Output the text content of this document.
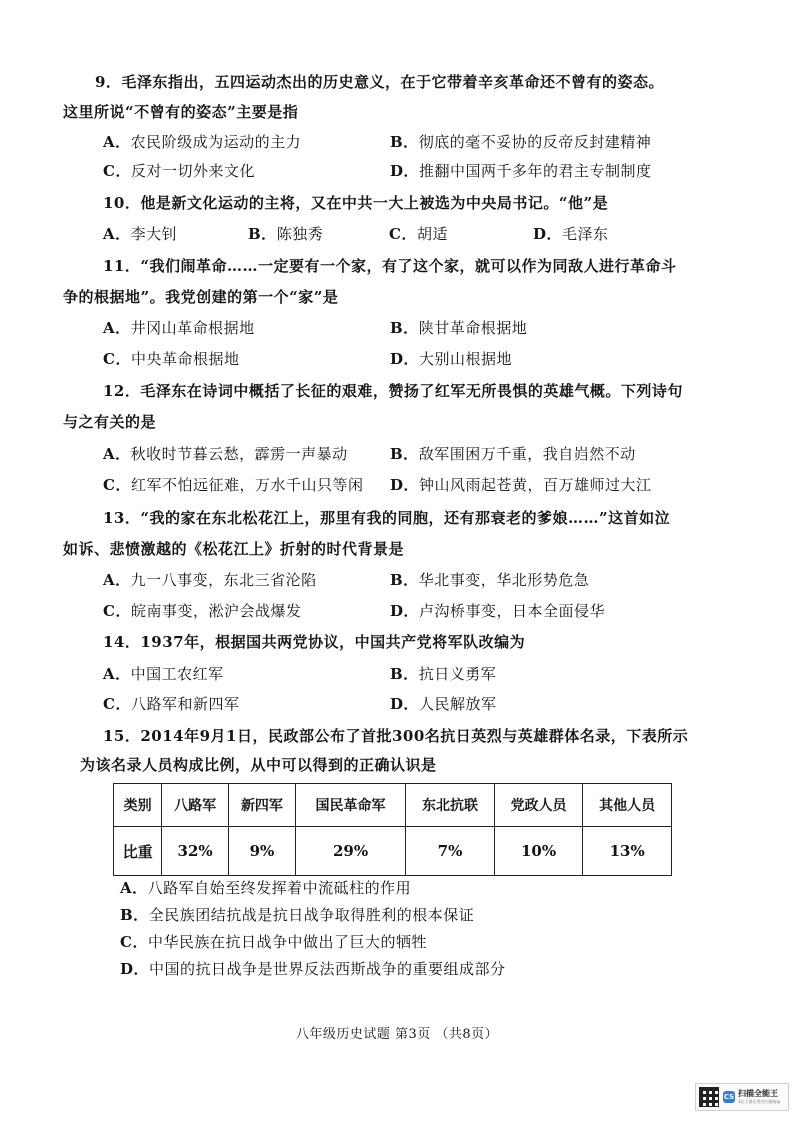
9．毛泽东指出，五四运动杰出的历史意义，在于它带着辛亥革命还不曾有的姿态。
这里所说“不曾有的姿态”主要是指
A．农民阶级成为运动的主力	B．彻底的毫不妥协的反帝反封建精神
C．反对一切外来文化	D．推翻中国两千多年的君主专制制度
10．他是新文化运动的主将，又在中共一大上被选为中央局书记。“他”是
A．李大钊	B．陈独秀	C．胡适	D．毛泽东
11．“我们闹革命……一定要有一个家，有了这个家，就可以作为同敌人进行革命斗
争的根据地”。我党创建的第一个“家”是
A．井冈山革命根据地	B．陕甘革命根据地
C．中央革命根据地	D．大别山根据地
12．毛泽东在诗词中概括了长征的艰难，赞扬了红军无所畏惧的英雄气概。下列诗句
与之有关的是
A．秋收时节暮云愁，霹雳一声暴动	B．敌军围困万千重，我自岿然不动
C．红军不怕远征难，万水千山只等闲 D．钟山风雨起苍黄，百万雄师过大江
13．“我的家在东北松花江上，那里有我的同胞，还有那衰老的爹娘……”这首如泣
如诉、悲愤激越的《松花江上》折射的时代背景是
A．九一八事变，东北三省沦陷	B．华北事变，华北形势危急
C．皖南事变，淞沪会战爆发	D．卢沟桥事变，日本全面侵华
14．1937年，根据国共两党协议，中国共产党将军队改编为
A．中国工农红军	B．抗日义勇军
C．八路军和新四军	D．人民解放军
15．2014年9月1日，民政部公布了首批300名抗日英烈与英雄群体名录，下表所示
为该名录人员构成比例，从中可以得到的正确认识是
类别	八路军	新四军	国民革命军	东北抗联	党政人员	其他人员
比重	32%	9%	29%	7%	10%	13%
A．八路军自始至终发挥着中流砥柱的作用
B．全民族团结抗战是抗日战争取得胜利的根本保证
C．中华民族在抗日战争中做出了巨大的牺牲
D．中国的抗日战争是世界反法西斯战争的重要组成部分
八年级历史试题 第3页 （共8页）
CS 扫描全能王
3亿人都在用的扫描App
